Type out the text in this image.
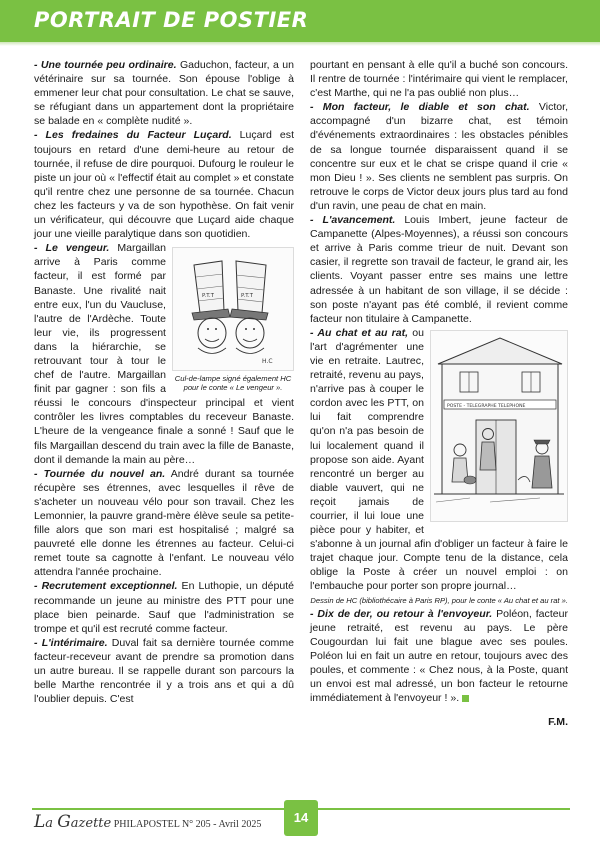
PORTRAIT DE POSTIER

- Une tournée peu ordinaire. Gaduchon, facteur, a un vétérinaire sur sa tournée. Son épouse l'oblige à emmener leur chat pour consultation. Le chat se sauve, se réfugiant dans un appartement dont la propriétaire se balade en « complète nudité ».

- Les fredaines du Facteur Luçard. Luçard est toujours en retard d'une demi-heure au retour de tournée, il refuse de dire pourquoi. Dufourg le rouleur le piste un jour où « l'effectif était au complet » et constate qu'il rentre chez une personne de sa tournée. Chacun chez les facteurs y va de son hypothèse. On fait venir un vérificateur, qui découvre que Luçard aide chaque jour une vieille paralytique dans son quotidien.

P.T.T	P.T.T
H.C
Cul-de-lampe signé également HC pour le conte « Le vengeur ».

- Le vengeur. Margaillan arrive à Paris comme facteur, il est formé par Banaste. Une rivalité nait entre eux, l'un du Vaucluse, l'autre de l'Ardèche. Toute leur vie, ils progressent dans la hiérarchie, se retrouvant tour à tour le chef de l'autre. Margaillan finit par gagner : son fils a réussi le concours d'inspecteur principal et vient contrôler les livres comptables du receveur Banaste. L'heure de la vengeance finale a sonné ! Sauf que le fils Margaillan descend du train avec la fille de Banaste, dont il demande la main au père…

- Tournée du nouvel an. André durant sa tournée récupère ses étrennes, avec lesquelles il rêve de s'acheter un nouveau vélo pour son travail. Chez les Lemonnier, la pauvre grand-mère élève seule sa petite-fille alors que son mari est hospitalisé ; malgré sa pauvreté elle donne les étrennes au facteur. Celui-ci remet toute sa cagnotte à l'enfant. Le nouveau vélo attendra l'année prochaine.

- Recrutement exceptionnel. En Luthopie, un député recommande un jeune au ministre des PTT pour une place bien peinarde. Sauf que l'administration se trompe et qu'il est recruté comme facteur.

- L'intérimaire. Duval fait sa dernière tournée comme facteur-receveur avant de prendre sa promotion dans un autre bureau. Il se rappelle durant son parcours la belle Marthe rencontrée il y a trois ans et qui a dû l'oublier depuis. C'est

pourtant en pensant à elle qu'il a buché son concours. Il rentre de tournée : l'intérimaire qui vient le remplacer, c'est Marthe, qui ne l'a pas oublié non plus…

- Mon facteur, le diable et son chat. Victor, accompagné d'un bizarre chat, est témoin d'événements extraordinaires : les obstacles pénibles de sa longue tournée disparaissent quand il se concentre sur eux et le chat se crispe quand il crie « mon Dieu ! ». Ses clients ne semblent pas surpris. On retrouve le corps de Victor deux jours plus tard au fond d'un ravin, une peau de chat en main.

- L'avancement. Louis Imbert, jeune facteur de Campanette (Alpes-Moyennes), a réussi son concours et arrive à Paris comme trieur de nuit. Devant son casier, il regrette son travail de facteur, le grand air, les clients. Voyant passer entre ses mains une lettre adressée à un habitant de son village, il se décide : son poste n'ayant pas été comblé, il revient comme facteur non titulaire à Campanette.

POSTE - TELEGRAPHE TELEPHONE

- Au chat et au rat, ou l'art d'agrémenter une vie en retraite. Lautrec, retraité, revenu au pays, n'arrive pas à couper le cordon avec les PTT, on lui fait comprendre qu'on n'a pas besoin de lui localement quand il propose son aide. Ayant rencontré un berger au diable vauvert, qui ne reçoit jamais de courrier, il lui loue une pièce pour y habiter, et s'abonne à un journal afin d'obliger un facteur à faire le trajet chaque jour. Compte tenu de la distance, cela oblige la Poste à créer un nouvel emploi : on l'embauche pour porter son propre journal…

Dessin de HC (bibliothécaire à Paris RP), pour le conte « Au chat et au rat ».

- Dix de der, ou retour à l'envoyeur. Poléon, facteur jeune retraité, est revenu au pays. Le père Cougourdan lui fait une blague avec ses poules. Poléon lui en fait un autre en retour, toujours avec des poules, et commente : « Chez nous, à la Poste, quant un envoi est mal adressé, un bon facteur le retourne immédiatement à l'envoyeur ! ».

F.M.
La Gazette PHILAPOSTEL N° 205 - Avril 2025	14
